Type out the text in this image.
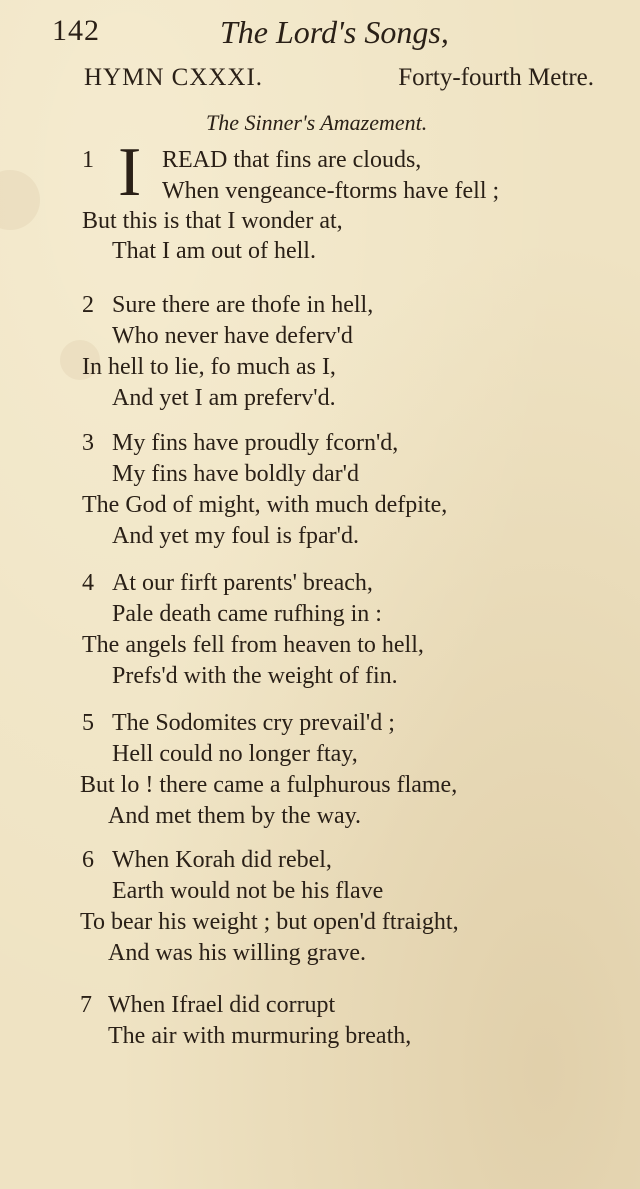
142	The Lord's Songs,
HYMN CXXXI.	Forty-fourth Metre.
The Sinner's Amazement.
1 I READ that fins are clouds,
When vengeance-ftorms have fell ;
But this is that I wonder at,
That I am out of hell.
2 Sure there are thofe in hell,
Who never have deferv'd
In hell to lie, fo much as I,
And yet I am preferv'd.
3 My fins have proudly fcorn'd,
My fins have boldly dar'd
The God of might, with much defpite,
And yet my foul is fpar'd.
4 At our firft parents' breach,
Pale death came rufhing in :
The angels fell from heaven to hell,
Prefs'd with the weight of fin.
5 The Sodomites cry prevail'd ;
Hell could no longer ftay,
But lo ! there came a fulphurous flame,
And met them by the way.
6 When Korah did rebel,
Earth would not be his flave
To bear his weight ; but open'd ftraight,
And was his willing grave.
7 When Ifrael did corrupt
The air with murmuring breath,
